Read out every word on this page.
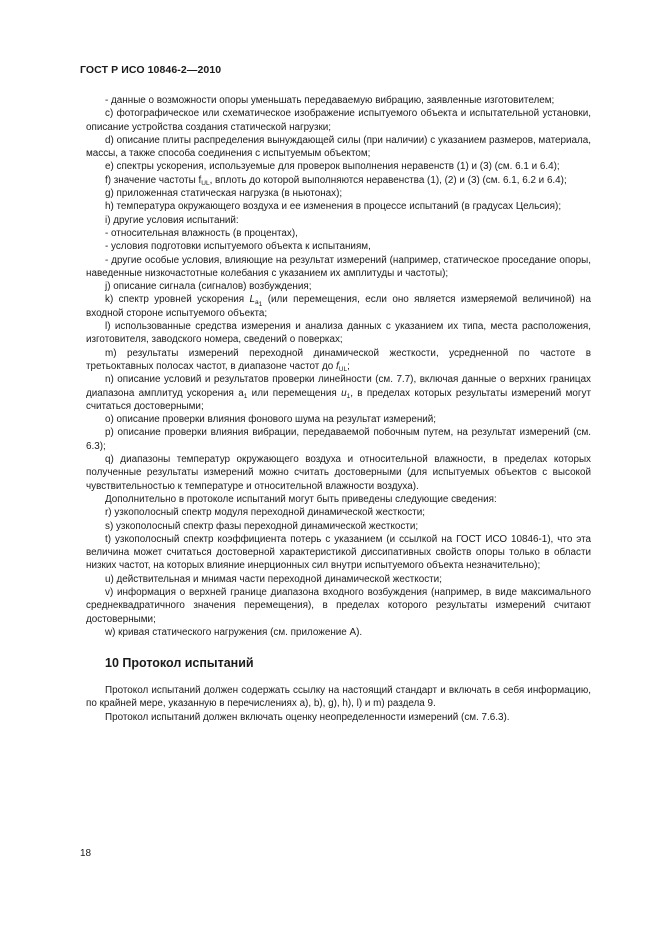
ГОСТ Р ИСО 10846-2—2010

- данные о возможности опоры уменьшать передаваемую вибрацию, заявленные изготовителем;

c) фотографическое или схематическое изображение испытуемого объекта и испытательной установки, описание устройства создания статической нагрузки;

d) описание плиты распределения вынуждающей силы (при наличии) с указанием размеров, материала, массы, а также способа соединения с испытуемым объектом;

e) спектры ускорения, используемые для проверок выполнения неравенств (1) и (3) (см. 6.1 и 6.4);

f) значение частоты $f_{UL}$, вплоть до которой выполняются неравенства (1), (2) и (3) (см. 6.1, 6.2 и 6.4);

g) приложенная статическая нагрузка (в ньютонах);

h) температура окружающего воздуха и ее изменения в процессе испытаний (в градусах Цельсия);

i) другие условия испытаний:

- относительная влажность (в процентах),

- условия подготовки испытуемого объекта к испытаниям,

- другие особые условия, влияющие на результат измерений (например, статическое проседание опоры, наведенные низкочастотные колебания с указанием их амплитуды и частоты);

j) описание сигнала (сигналов) возбуждения;

k) спектр уровней ускорения $L_{a_1}$ (или перемещения, если оно является измеряемой величиной) на входной стороне испытуемого объекта;

l) использованные средства измерения и анализа данных с указанием их типа, места расположения, изготовителя, заводского номера, сведений о поверках;

m) результаты измерений переходной динамической жесткости, усредненной по частоте в третьоктавных полосах частот, в диапазоне частот до $f_{UL}$;

n) описание условий и результатов проверки линейности (см. 7.7), включая данные о верхних границах диапазона амплитуд ускорения $a_1$ или перемещения $u_1$, в пределах которых результаты измерений могут считаться достоверными;

o) описание проверки влияния фонового шума на результат измерений;

p) описание проверки влияния вибрации, передаваемой побочным путем, на результат измерений (см. 6.3);

q) диапазоны температур окружающего воздуха и относительной влажности, в пределах которых полученные результаты измерений можно считать достоверными (для испытуемых объектов с высокой чувствительностью к температуре и относительной влажности воздуха).

Дополнительно в протоколе испытаний могут быть приведены следующие сведения:

r) узкополосный спектр модуля переходной динамической жесткости;

s) узкополосный спектр фазы переходной динамической жесткости;

t) узкополосный спектр коэффициента потерь с указанием (и ссылкой на ГОСТ ИСО 10846-1), что эта величина может считаться достоверной характеристикой диссипативных свойств опоры только в области низких частот, на которых влияние инерционных сил внутри испытуемого объекта незначительно);

u) действительная и мнимая части переходной динамической жесткости;

v) информация о верхней границе диапазона входного возбуждения (например, в виде максимального среднеквадратичного значения перемещения), в пределах которого результаты измерений считают достоверными;

w) кривая статического нагружения (см. приложение А).

10 Протокол испытаний

Протокол испытаний должен содержать ссылку на настоящий стандарт и включать в себя информацию, по крайней мере, указанную в перечислениях а), b), g), h), l) и m) раздела 9.

Протокол испытаний должен включать оценку неопределенности измерений (см. 7.6.3).

18
